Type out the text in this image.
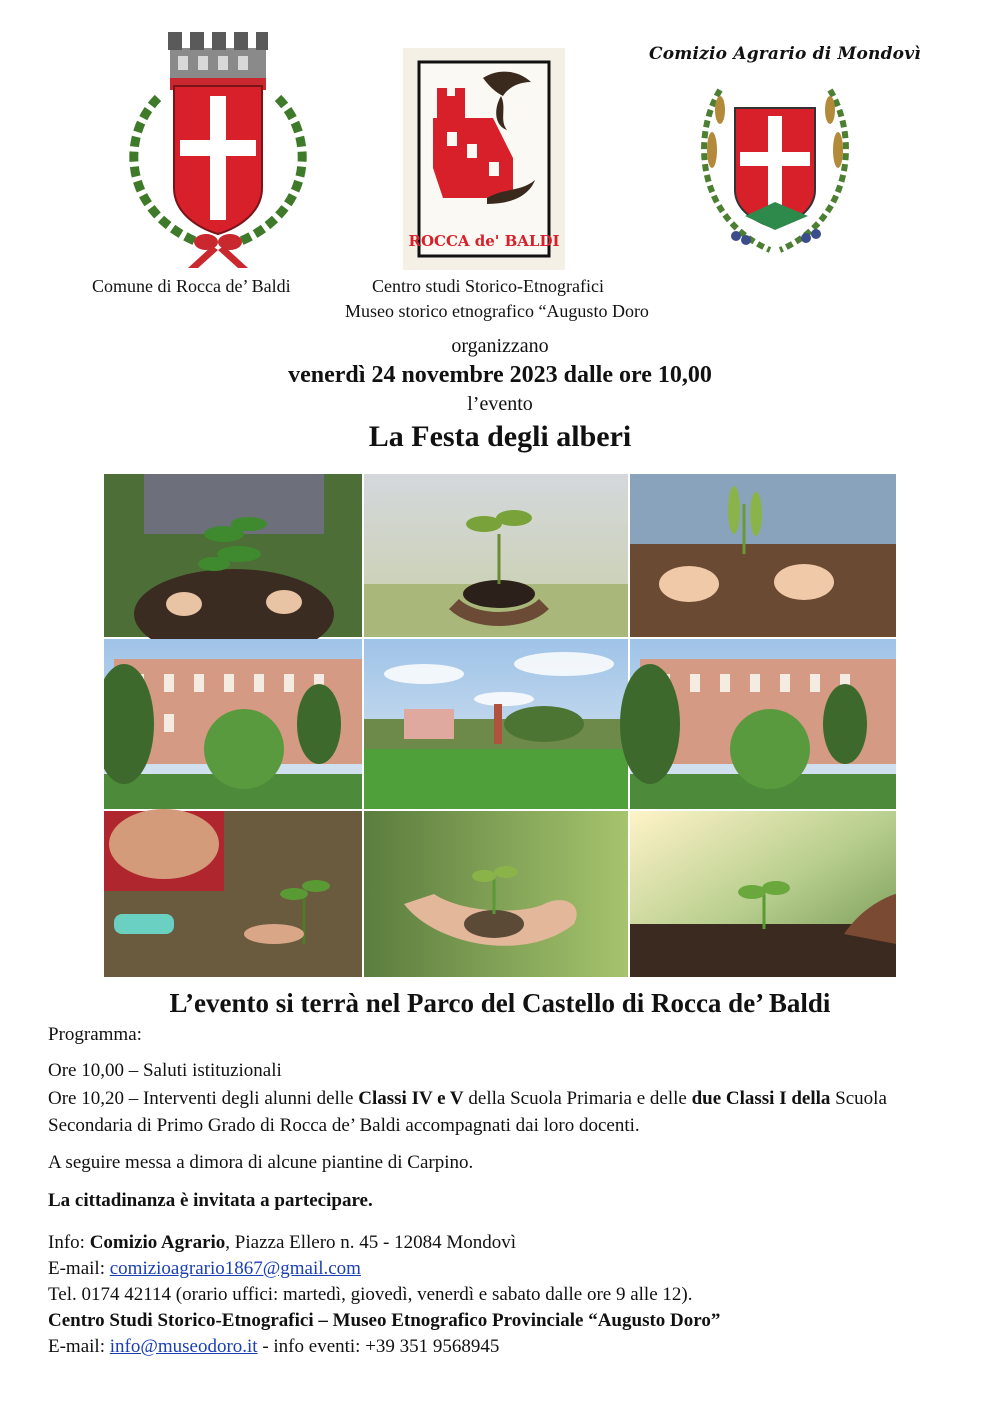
ROCCA de' BALDI
Comizio Agrario di Mondovì
Comune di Rocca de’ Baldi	Centro studi Storico-Etnografici
Museo storico etnografico “Augusto Doro
organizzano
venerdì 24 novembre 2023 dalle ore 10,00
l’evento
La Festa degli alberi
L’evento si terrà nel Parco del Castello di Rocca de’ Baldi
Programma:
Ore 10,00 – Saluti istituzionali
Ore 10,20 – Interventi degli alunni delle Classi IV e V della Scuola Primaria e delle due Classi I della Scuola Secondaria di Primo Grado di Rocca de’ Baldi accompagnati dai loro docenti.
A seguire messa a dimora di alcune piantine di Carpino.
La cittadinanza è invitata a partecipare.
Info: Comizio Agrario, Piazza Ellero n. 45 - 12084 Mondovì
E-mail: comizioagrario1867@gmail.com
Tel. 0174 42114 (orario uffici: martedì, giovedì, venerdì e sabato dalle ore 9 alle 12).
Centro Studi Storico-Etnografici – Museo Etnografico Provinciale “Augusto Doro”
E-mail: info@museodoro.it - info eventi: +39 351 9568945
